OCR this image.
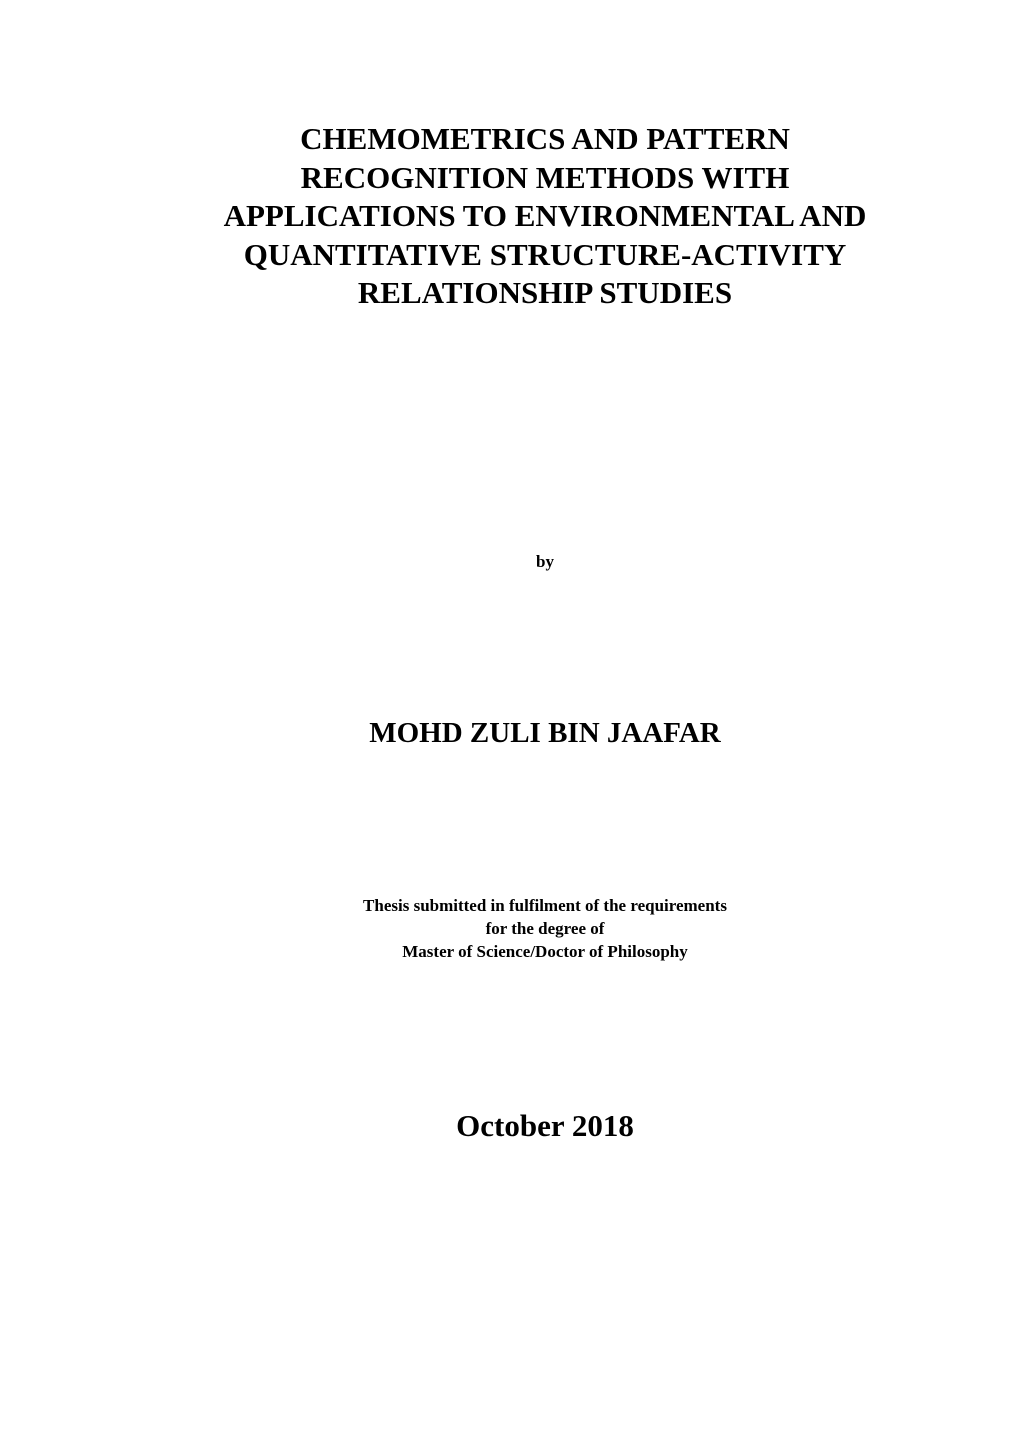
CHEMOMETRICS AND PATTERN
RECOGNITION METHODS WITH
APPLICATIONS TO ENVIRONMENTAL AND
QUANTITATIVE STRUCTURE-ACTIVITY
RELATIONSHIP STUDIES
by
MOHD ZULI BIN JAAFAR
Thesis submitted in fulfilment of the requirements
for the degree of
Master of Science/Doctor of Philosophy
October 2018
